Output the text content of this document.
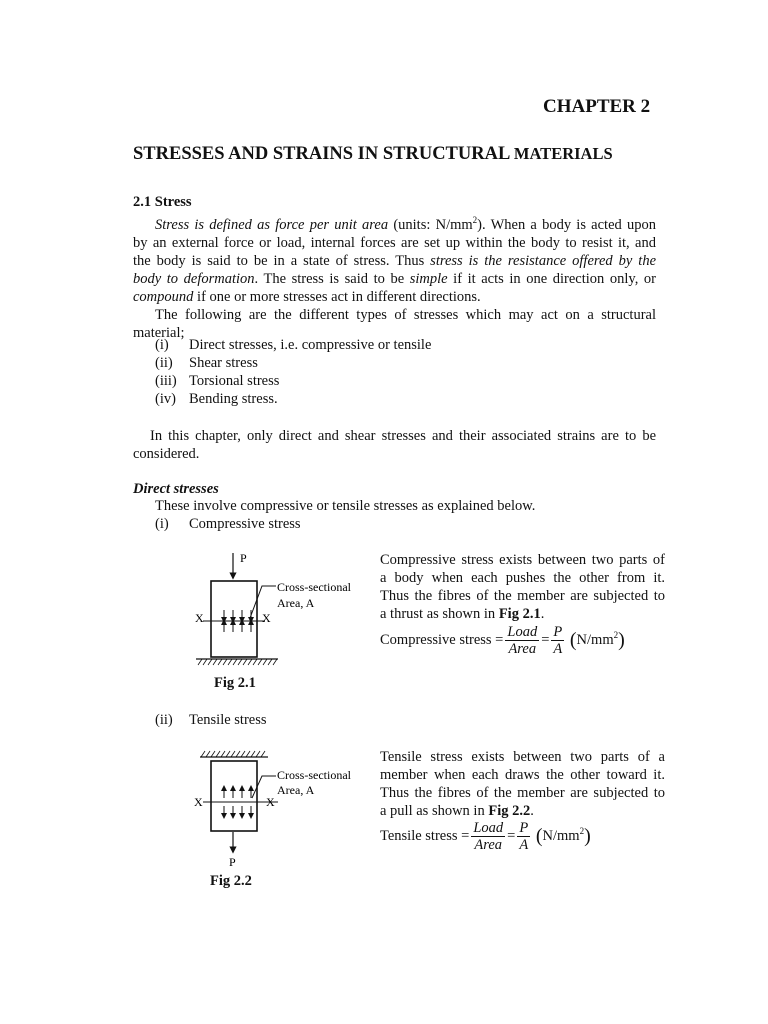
CHAPTER 2
STRESSES AND STRAINS IN STRUCTURAL MATERIALS
2.1 Stress
Stress is defined as force per unit area (units: $N/mm^2$). When a body is acted upon
by an external force or load, internal forces are set up within the body to resist it, and
the body is said to be in a state of stress. Thus stress is the resistance offered by the
body to deformation. The stress is said to be simple if it acts in one direction only, or
compound if one or more stresses act in different directions.
The following are the different types of stresses which may act on a structural
material;
(i) Direct stresses, i.e. compressive or tensile
(ii) Shear stress
(iii) Torsional stress
(iv) Bending stress.
In this chapter, only direct and shear stresses and their associated strains are to be
considered.
Direct stresses
These involve compressive or tensile stresses as explained below.
(i) Compressive stress
P
X	X
Cross-sectional
Area, A
Fig 2.1
Compressive stress exists between two parts of
a body when each pushes the other from it.
Thus the fibres of the member are subjected to
a thrust as shown in Fig 2.1.
Compressive stress = $\frac{\text{Load}}{\text{Area}} = \frac{P}{A} (N/mm^2)$
(ii) Tensile stress
X	X
Cross-sectional
Area, A
P
Fig 2.2
Tensile stress exists between two parts of a
member when each draws the other toward it.
Thus the fibres of the member are subjected to
a pull as shown in Fig 2.2.
Tensile stress = $\frac{\text{Load}}{\text{Area}} = \frac{P}{A} (N/mm^2)$
